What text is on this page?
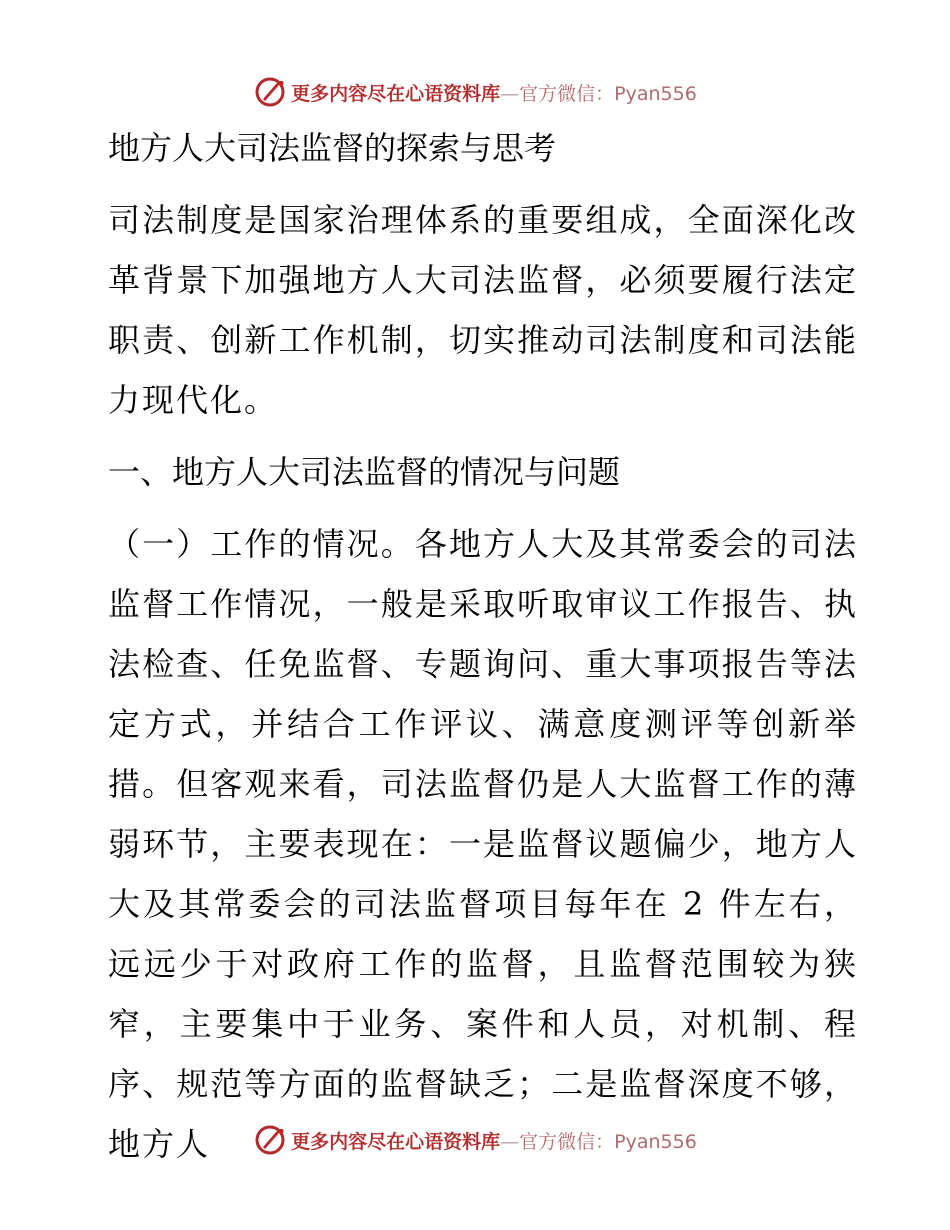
更多内容尽在心语资料库—官方微信：Pyan556
地方人大司法监督的探索与思考

司法制度是国家治理体系的重要组成，全面深化改革背景下加强地方人大司法监督，必须要履行法定职责、创新工作机制，切实推动司法制度和司法能力现代化。

一、地方人大司法监督的情况与问题

（一）工作的情况。各地方人大及其常委会的司法监督工作情况，一般是采取听取审议工作报告、执法检查、任免监督、专题询问、重大事项报告等法定方式，并结合工作评议、满意度测评等创新举措。但客观来看，司法监督仍是人大监督工作的薄弱环节，主要表现在：一是监督议题偏少，地方人大及其常委会的司法监督项目每年在 2 件左右，远远少于对政府工作的监督，且监督范围较为狭窄，主要集中于业务、案件和人员，对机制、程序、规范等方面的监督缺乏；二是监督深度不够，地方人	更多内容尽在心语资料库—官方微信：Pyan556
